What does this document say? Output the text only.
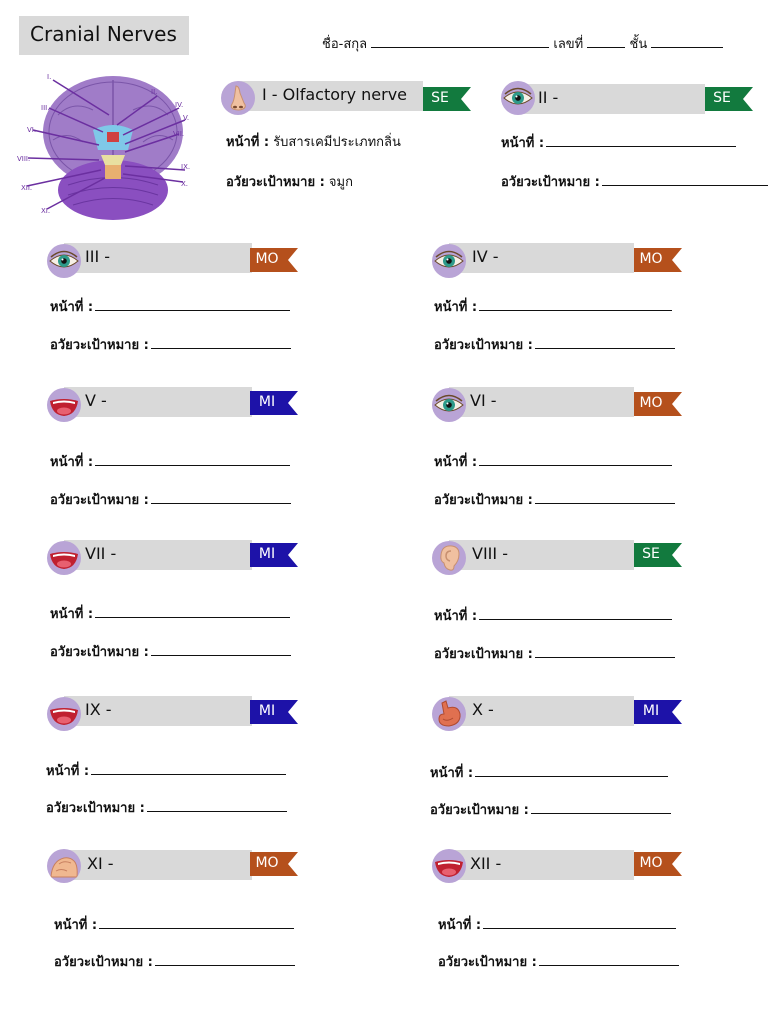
Cranial Nerves	ชื่อ-สกุล	เลขที่	ชั้น
I.
II.
III.	IV.
V.
VI.	VII.
VIII.
IX.
X.
XI.
XII.
I - Olfactory nerve	SE
หน้าที่ : รับสารเคมีประเภทกลิ่น
อวัยวะเป้าหมาย : จมูก
II -	SE
หน้าที่ :
อวัยวะเป้าหมาย :
III -	MO
หน้าที่ :
อวัยวะเป้าหมาย :
IV -	MO
หน้าที่ :
อวัยวะเป้าหมาย :
V -	MI
หน้าที่ :
อวัยวะเป้าหมาย :
VI -	MO
หน้าที่ :
อวัยวะเป้าหมาย :
VII -	MI
หน้าที่ :
อวัยวะเป้าหมาย :
VIII -	SE
หน้าที่ :
อวัยวะเป้าหมาย :
IX -	MI
หน้าที่ :
อวัยวะเป้าหมาย :
X -	MI
หน้าที่ :
อวัยวะเป้าหมาย :
XI -	MO
หน้าที่ :
อวัยวะเป้าหมาย :
XII -	MO
หน้าที่ :
อวัยวะเป้าหมาย :
